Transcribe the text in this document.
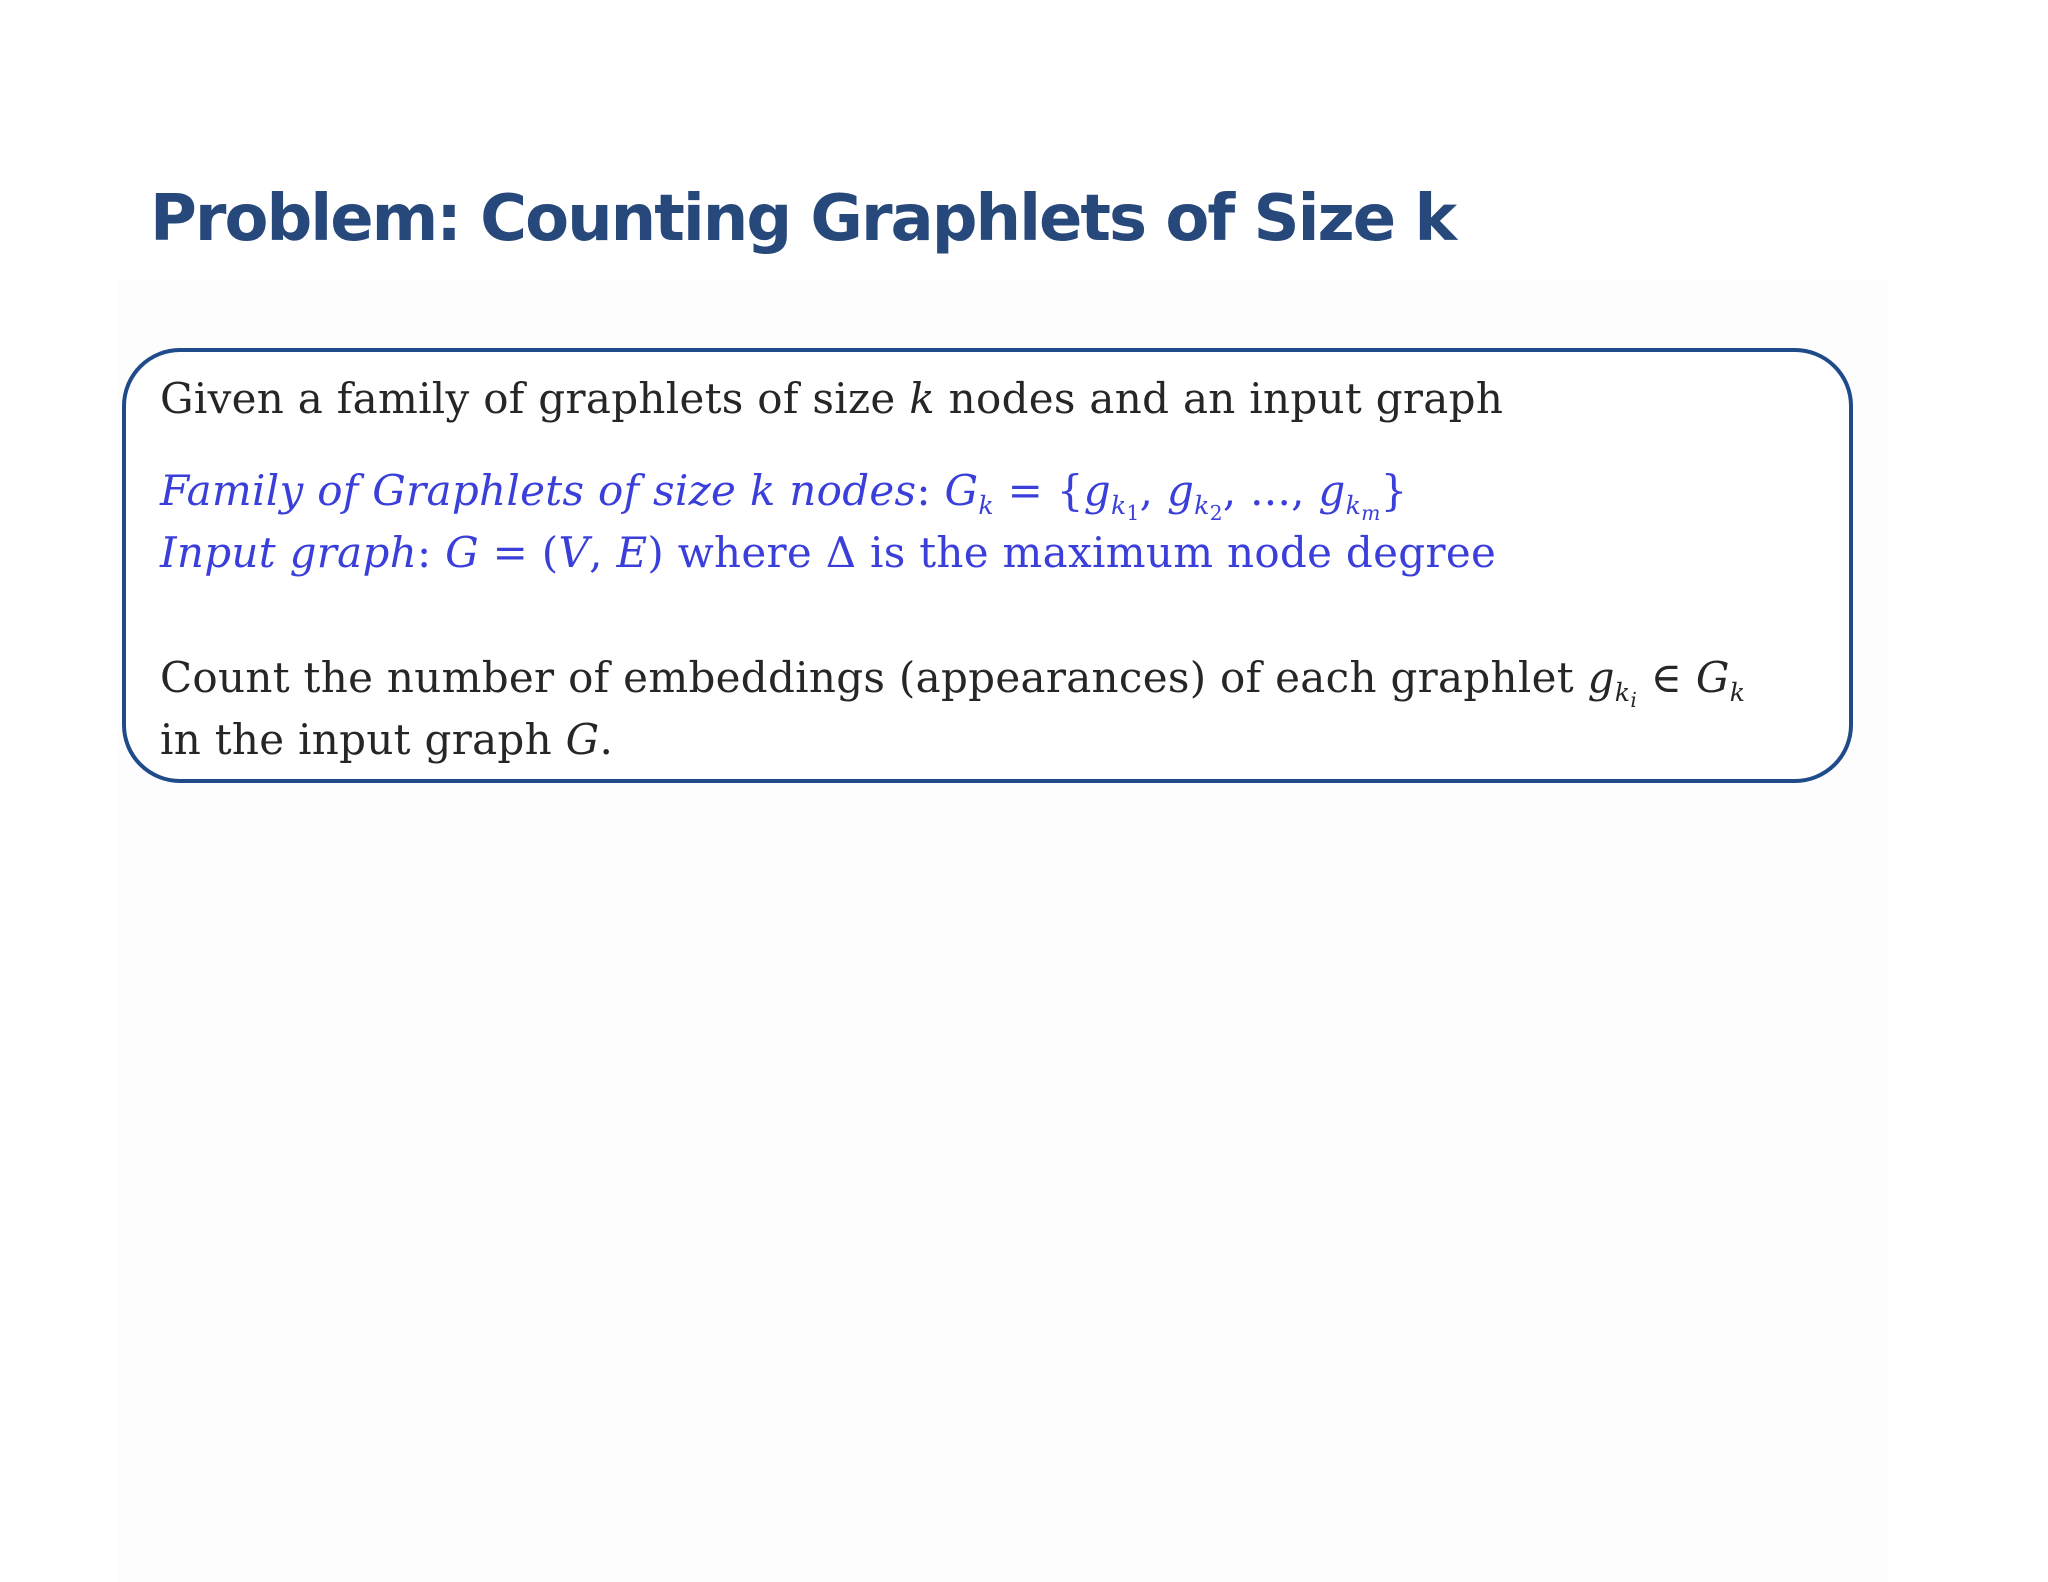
Problem: Counting Graphlets of Size k

Given a family of graphlets of size k nodes and an input graph

Family of Graphlets of size k nodes: $G_k = \{g_{k_1}$, $g_{k_2}$, ..., $g_{k_m}$}

Input graph: G = (V, E) where Δ is the maximum node degree

Count the number of embeddings (appearances) of each graphlet $g_{k_i}$ ∈ $G_k$

in the input graph G.
